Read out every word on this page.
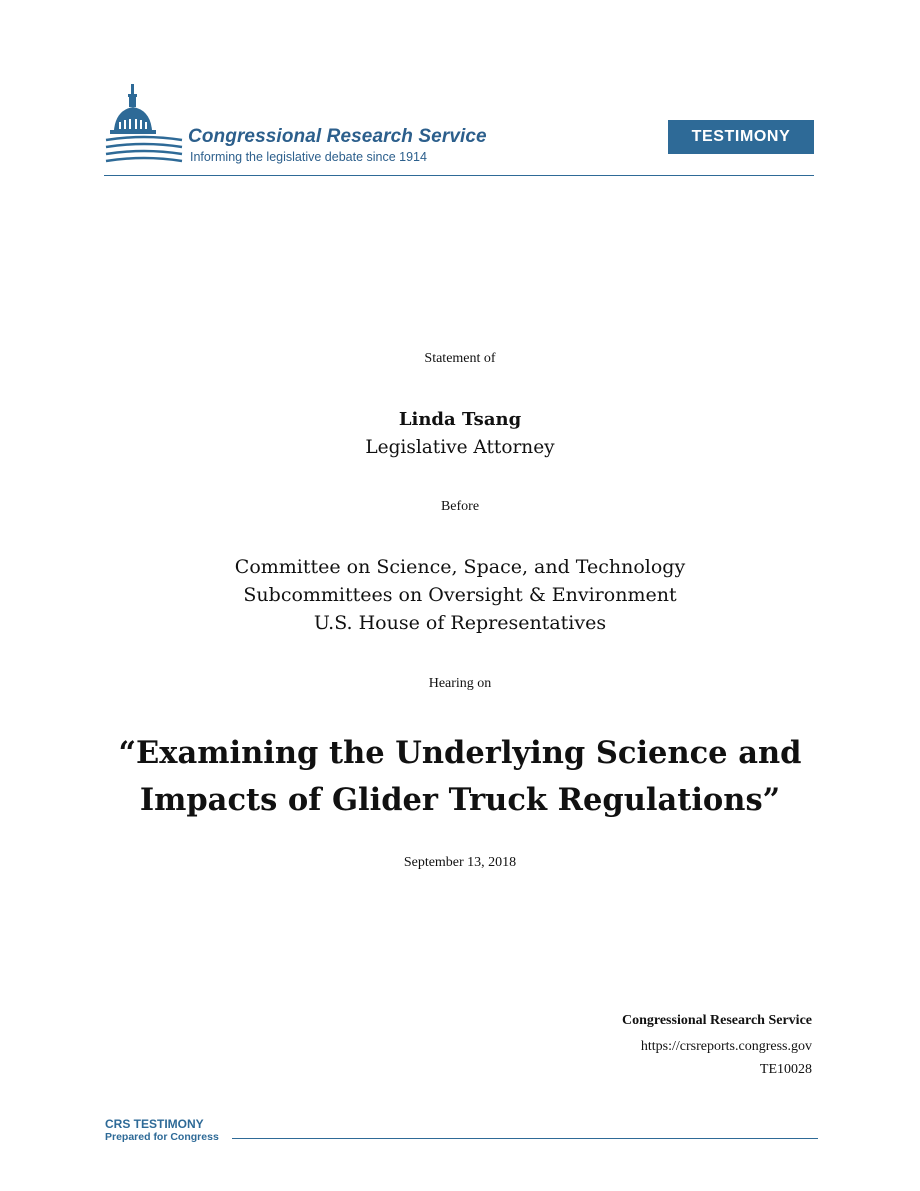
Congressional Research Service
Informing the legislative debate since 1914
TESTIMONY
Statement of
Linda Tsang
Legislative Attorney
Before
Committee on Science, Space, and Technology
Subcommittees on Oversight & Environment
U.S. House of Representatives
Hearing on
“Examining the Underlying Science and
Impacts of Glider Truck Regulations”
September 13, 2018
Congressional Research Service
https://crsreports.congress.gov
TE10028
CRS TESTIMONY
Prepared for Congress
